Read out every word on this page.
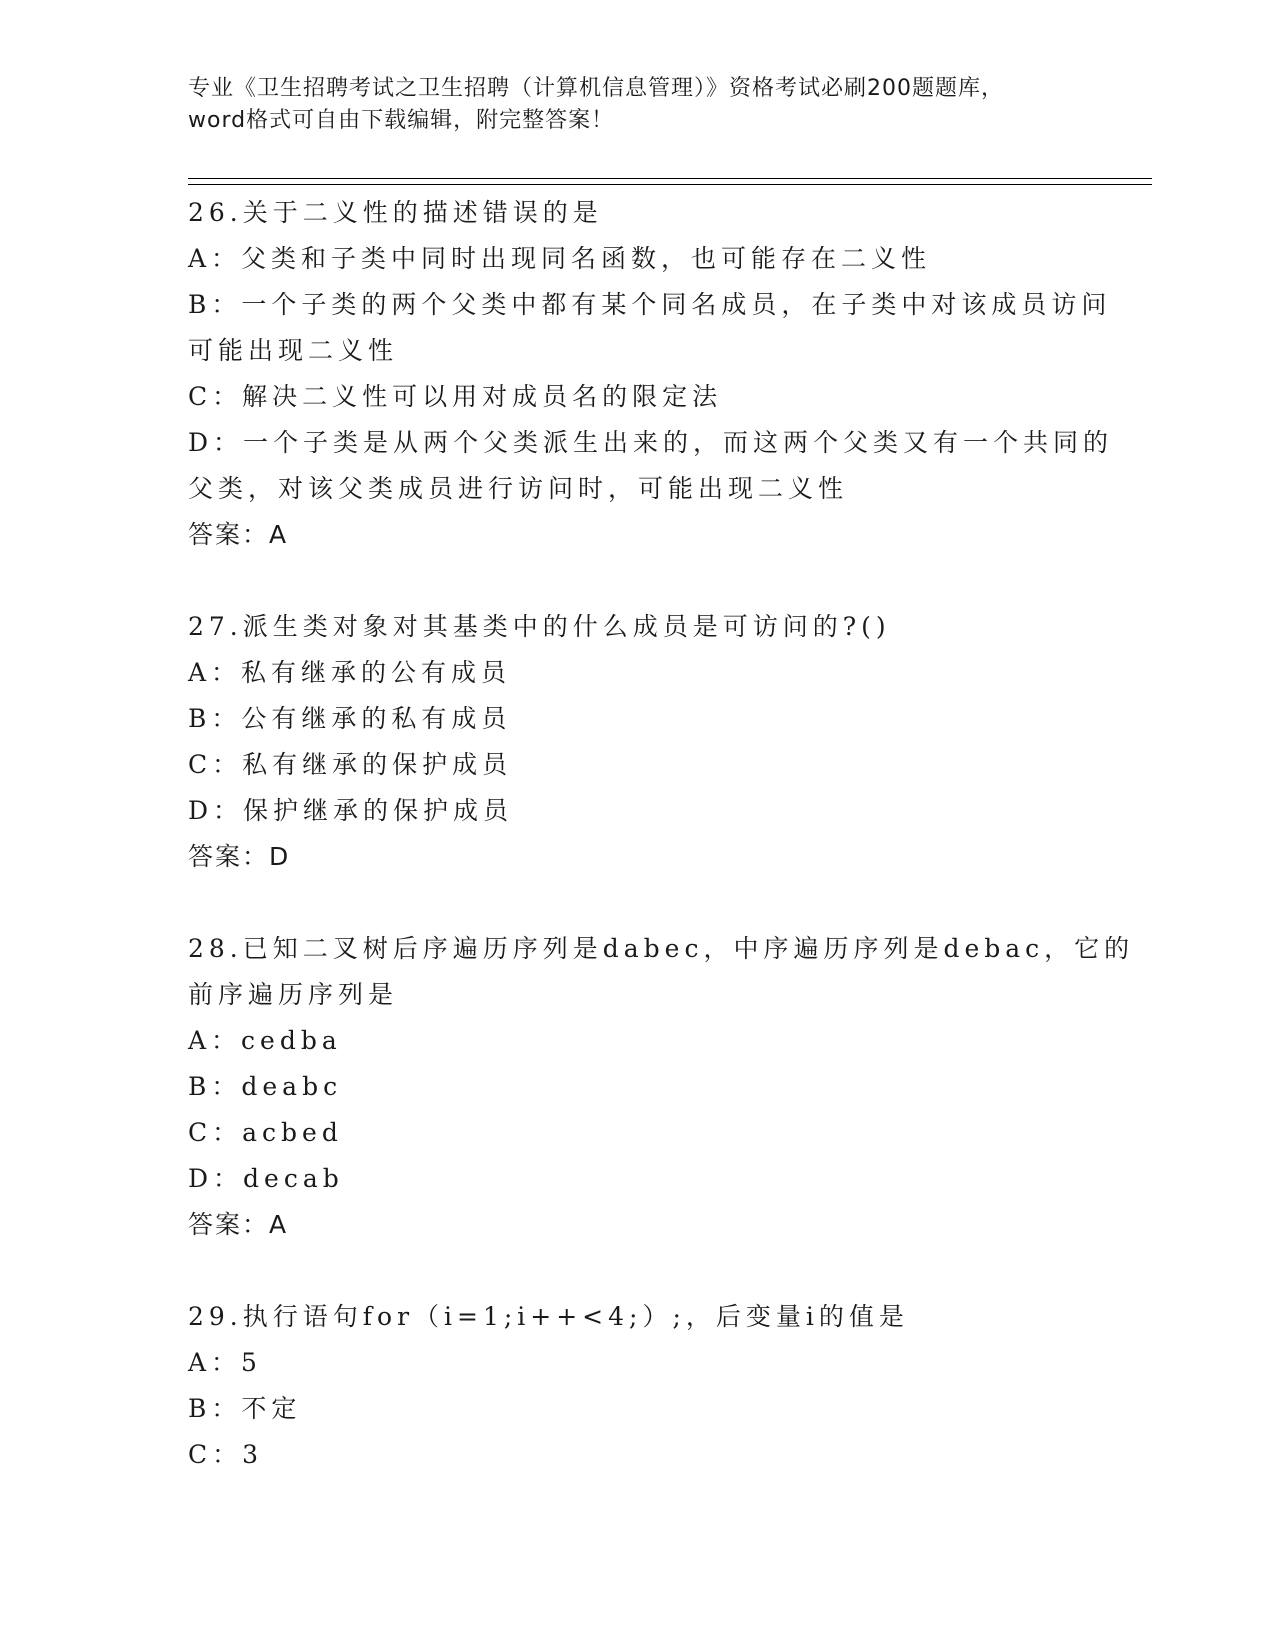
专业《卫生招聘考试之卫生招聘（计算机信息管理）》资格考试必刷200题题库，
word格式可自由下载编辑，附完整答案！

26.关于二义性的描述错误的是

A：父类和子类中同时出现同名函数，也可能存在二义性

B：一个子类的两个父类中都有某个同名成员，在子类中对该成员访问

可能出现二义性

C：解决二义性可以用对成员名的限定法

D：一个子类是从两个父类派生出来的，而这两个父类又有一个共同的

父类，对该父类成员进行访问时，可能出现二义性

答案：A

27.派生类对象对其基类中的什么成员是可访问的?()

A：私有继承的公有成员

B：公有继承的私有成员

C：私有继承的保护成员

D：保护继承的保护成员

答案：D

28.已知二叉树后序遍历序列是dabec，中序遍历序列是debac，它的

前序遍历序列是

A：cedba

B：deabc

C：acbed

D：decab

答案：A

29.执行语句for（i=1;i++<4;）;，后变量i的值是

A：5

B：不定

C：3
